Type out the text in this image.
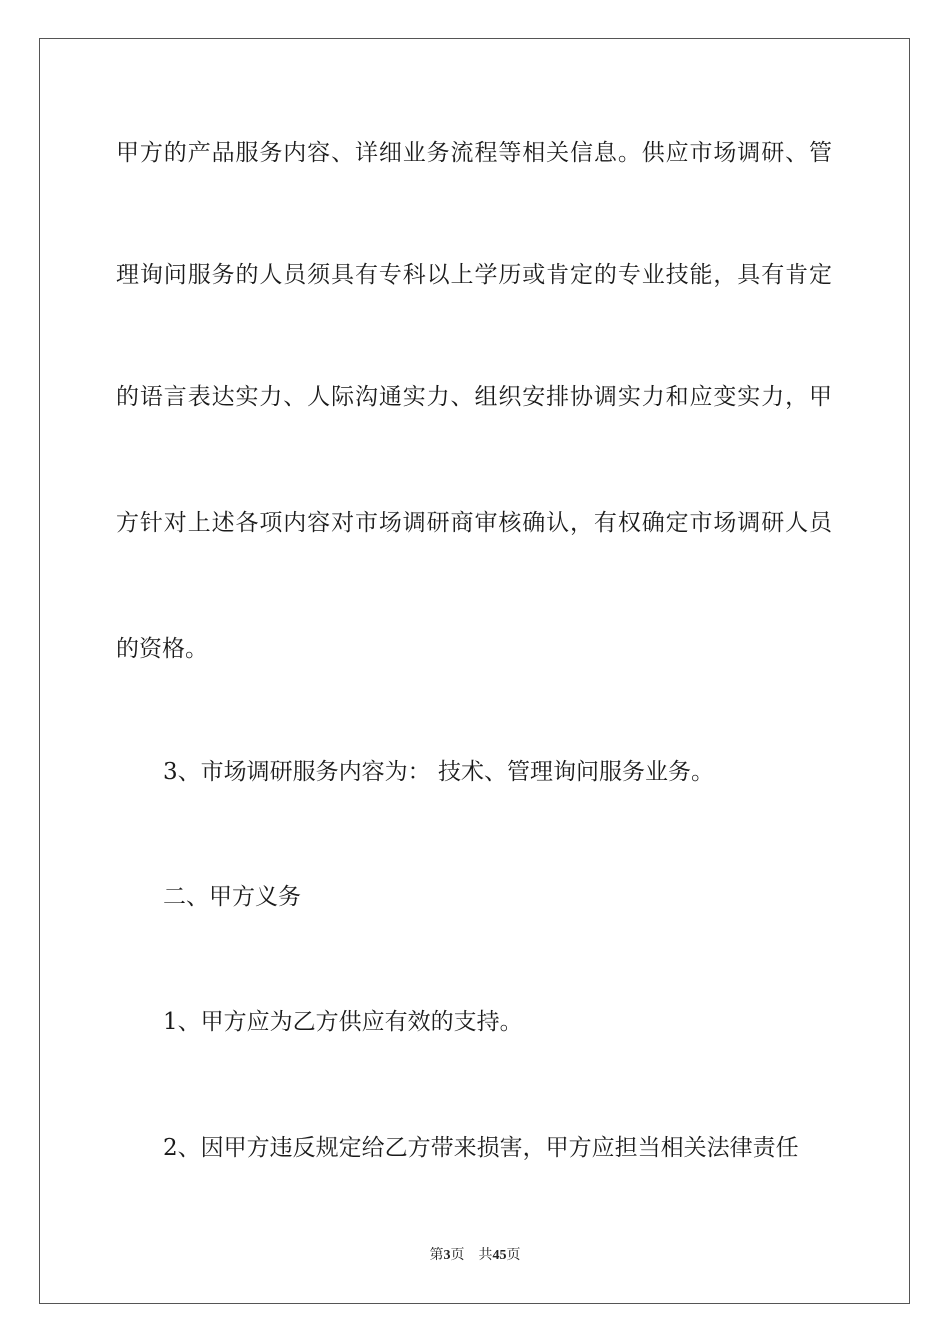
甲方的产品服务内容、详细业务流程等相关信息。供应市场调研、管

理询问服务的人员须具有专科以上学历或肯定的专业技能，具有肯定

的语言表达实力、人际沟通实力、组织安排协调实力和应变实力，甲

方针对上述各项内容对市场调研商审核确认，有权确定市场调研人员

的资格。

3、市场调研服务内容为： 技术、管理询问服务业务。

二、甲方义务

1、甲方应为乙方供应有效的支持。

2、因甲方违反规定给乙方带来损害，甲方应担当相关法律责任

第3页 共45页
